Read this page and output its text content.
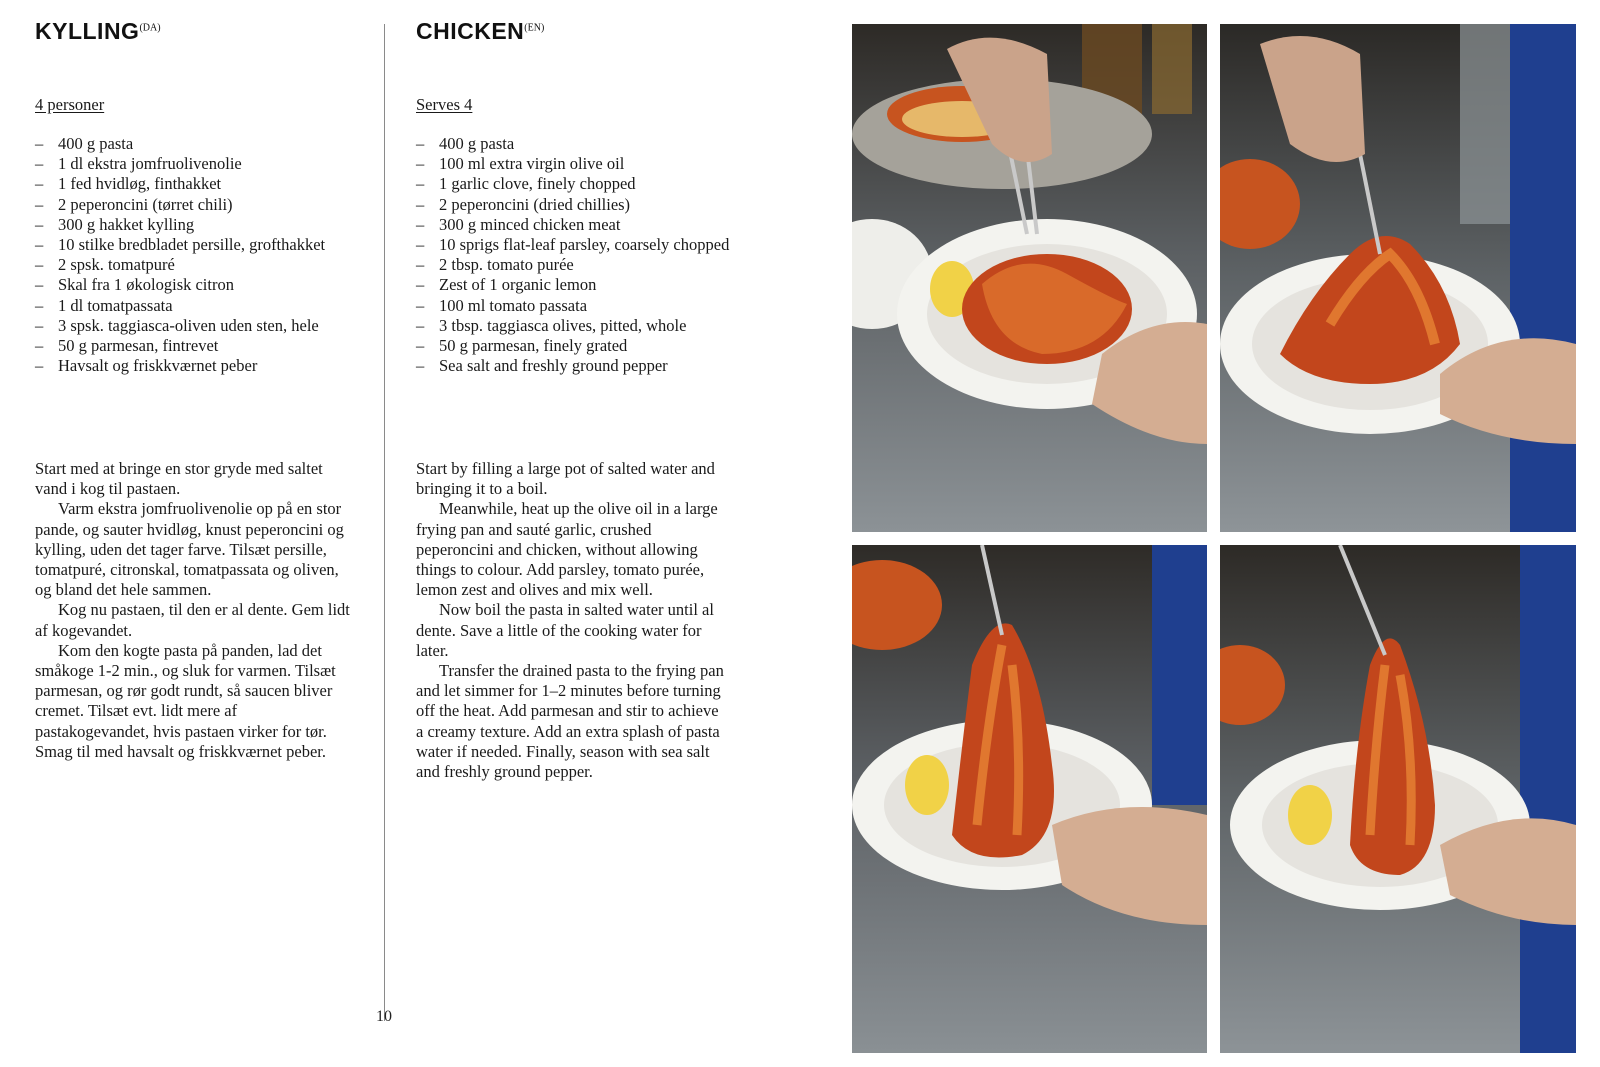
$KYLLING^{(DA)}$
4 personer
– 400 g pasta
– 1 dl ekstra jomfruolivenolie
– 1 fed hvidløg, finthakket
– 2 peperoncini (tørret chili)
– 300 g hakket kylling
– 10 stilke bredbladet persille, grofthakket
– 2 spsk. tomatpuré
– Skal fra 1 økologisk citron
– 1 dl tomatpassata
– 3 spsk. taggiasca-oliven uden sten, hele
– 50 g parmesan, fintrevet
– Havsalt og friskkværnet peber

Start med at bringe en stor gryde med saltet vand i kog til pastaen.

Varm ekstra jomfruolivenolie op på en stor pande, og sauter hvidløg, knust peperoncini og kylling, uden det tager farve. Tilsæt persille, tomatpuré, citronskal, tomatpassata og oliven, og bland det hele sammen.

Kog nu pastaen, til den er al dente. Gem lidt af kogevandet.

Kom den kogte pasta på panden, lad det småkoge 1-2 min., og sluk for varmen. Tilsæt parmesan, og rør godt rundt, så saucen bliver cremet. Tilsæt evt. lidt mere af pastakogevandet, hvis pastaen virker for tør. Smag til med havsalt og friskkværnet peber.

$CHICKEN^{(EN)}$
Serves 4
– 400 g pasta
– 100 ml extra virgin olive oil
– 1 garlic clove, finely chopped
– 2 peperoncini (dried chillies)
– 300 g minced chicken meat
– 10 sprigs flat-leaf parsley, coarsely chopped
– 2 tbsp. tomato purée
– Zest of 1 organic lemon
– 100 ml tomato passata
– 3 tbsp. taggiasca olives, pitted, whole
– 50 g parmesan, finely grated
– Sea salt and freshly ground pepper

Start by filling a large pot of salted water and bringing it to a boil.

Meanwhile, heat up the olive oil in a large frying pan and sauté garlic, crushed peperoncini and chicken, without allowing things to colour. Add parsley, tomato purée, lemon zest and olives and mix well.

Now boil the pasta in salted water until al dente. Save a little of the cooking water for later.

Transfer the drained pasta to the frying pan and let simmer for 1–2 minutes before turning off the heat. Add parmesan and stir to achieve a creamy texture. Add an extra splash of pasta water if needed. Finally, season with sea salt and freshly ground pepper.

10
